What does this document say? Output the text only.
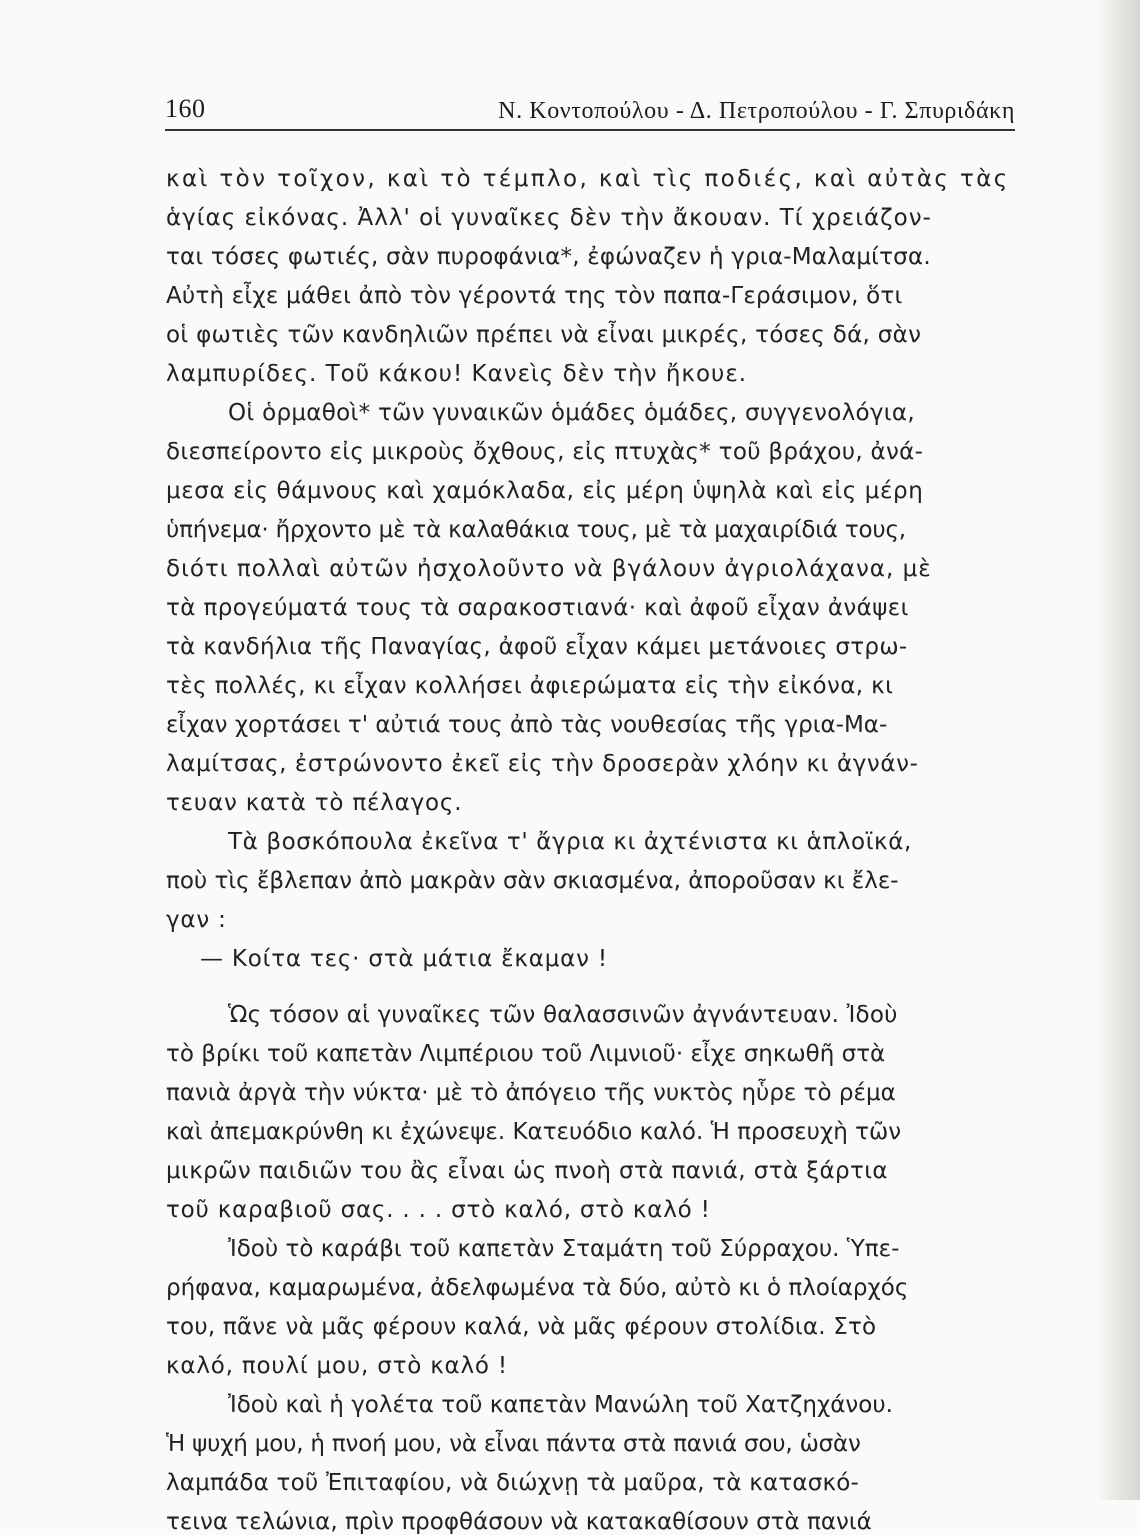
160	Ν. Κοντοπούλου - Δ. Πετροπούλου - Γ. Σπυριδάκη
καὶ τὸν τοῖχον, καὶ τὸ τέμπλο, καὶ τὶς ποδιές, καὶ αὐτὰς τὰς
ἁγίας εἰκόνας. Ἀλλ' οἱ γυναῖκες δὲν τὴν ἄκουαν. Τί χρειάζον-
ται τόσες φωτιές, σὰν πυροφάνια*, ἐφώναζεν ἡ γρια-Μαλαμίτσα.
Αὐτὴ εἶχε μάθει ἀπὸ τὸν γέροντά της τὸν παπα-Γεράσιμον, ὅτι
οἱ φωτιὲς τῶν κανδηλιῶν πρέπει νὰ εἶναι μικρές, τόσες δά, σὰν
λαμπυρίδες. Τοῦ κάκου! Κανεὶς δὲν τὴν ἤκουε.
Οἱ ὁρμαθοὶ* τῶν γυναικῶν ὁμάδες ὁμάδες, συγγενολόγια,
διεσπείροντο εἰς μικροὺς ὄχθους, εἰς πτυχὰς* τοῦ βράχου, ἀνά-
μεσα εἰς θάμνους καὶ χαμόκλαδα, εἰς μέρη ὑψηλὰ καὶ εἰς μέρη
ὑπήνεμα· ἤρχοντο μὲ τὰ καλαθάκια τους, μὲ τὰ μαχαιρίδιά τους,
διότι πολλαὶ αὐτῶν ἠσχολοῦντο νὰ βγάλουν ἀγριολάχανα, μὲ
τὰ προγεύματά τους τὰ σαρακοστιανά· καὶ ἀφοῦ εἶχαν ἀνάψει
τὰ κανδήλια τῆς Παναγίας, ἀφοῦ εἶχαν κάμει μετάνοιες στρω-
τὲς πολλές, κι εἶχαν κολλήσει ἀφιερώματα εἰς τὴν εἰκόνα, κι
εἶχαν χορτάσει τ' αὐτιά τους ἀπὸ τὰς νουθεσίας τῆς γρια-Μα-
λαμίτσας, ἐστρώνοντο ἐκεῖ εἰς τὴν δροσερὰν χλόην κι ἀγνάν-
τευαν κατὰ τὸ πέλαγος.
Τὰ βοσκόπουλα ἐκεῖνα τ' ἄγρια κι ἀχτένιστα κι ἁπλοϊκά,
ποὺ τὶς ἔβλεπαν ἀπὸ μακρὰν σὰν σκιασμένα, ἀποροῦσαν κι ἔλε-
γαν :
— Κοίτα τες· στὰ μάτια ἔκαμαν !
Ὡς τόσον αἱ γυναῖκες τῶν θαλασσινῶν ἀγνάντευαν. Ἰδοὺ
τὸ βρίκι τοῦ καπετὰν Λιμπέριου τοῦ Λιμνιοῦ· εἶχε σηκωθῆ στὰ
πανιὰ ἀργὰ τὴν νύκτα· μὲ τὸ ἀπόγειο τῆς νυκτὸς ηὗρε τὸ ρέμα
καὶ ἀπεμακρύνθη κι ἐχώνεψε. Κατευόδιο καλό. Ἡ προσευχὴ τῶν
μικρῶν παιδιῶν του ἂς εἶναι ὡς πνοὴ στὰ πανιά, στὰ ξάρτια
τοῦ καραβιοῦ σας. . . . στὸ καλό, στὸ καλό !
Ἰδοὺ τὸ καράβι τοῦ καπετὰν Σταμάτη τοῦ Σύρραχου. Ὑπε-
ρήφανα, καμαρωμένα, ἀδελφωμένα τὰ δύο, αὐτὸ κι ὁ πλοίαρχός
του, πᾶνε νὰ μᾶς φέρουν καλά, νὰ μᾶς φέρουν στολίδια. Στὸ
καλό, πουλί μου, στὸ καλό !
Ἰδοὺ καὶ ἡ γολέτα τοῦ καπετὰν Μανώλη τοῦ Χατζηχάνου.
Ἡ ψυχή μου, ἡ πνοή μου, νὰ εἶναι πάντα στὰ πανιά σου, ὡσὰν
λαμπάδα τοῦ Ἐπιταφίου, νὰ διώχνῃ τὰ μαῦρα, τὰ κατασκό-
τεινα τελώνια, πρὶν προφθάσουν νὰ κατακαθίσουν στὰ πανιά
